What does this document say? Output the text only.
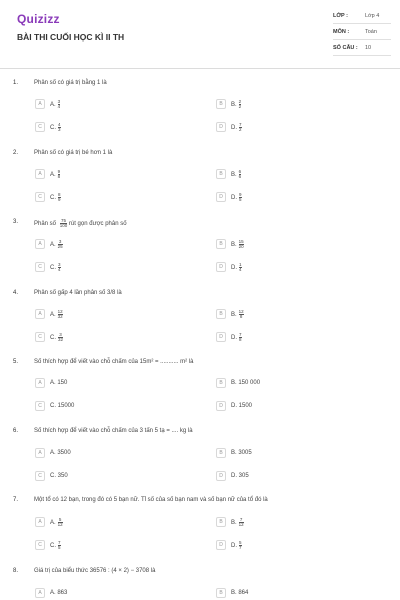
Quizizz
BÀI THI CUỐI HỌC KÌ II TH
LỚP :	Lớp 4
MÔN :	Toán
SỐ CÂU : 10
1.	Phân số có giá trị bằng 1 là
A	A. $\frac{3}{4}$	B	B. $\frac{2}{2}$
C	C. $\frac{4}{3}$	D	D. $\frac{7}{2}$
2.	Phân số có giá trị bé hơn 1 là
A	A. $\frac{9}{8}$	B	B. $\frac{6}{6}$
C	C. $\frac{8}{9}$	D	D. $\frac{9}{5}$
3.	Phân số $\frac{75}{100}$ rút gọn được phân số
A	A. $\frac{3}{25}$	B	B. $\frac{15}{20}$
C	C. $\frac{3}{4}$	D	D. $\frac{1}{4}$
4.	Phân số gấp 4 lần phân số 3/8 là
A	A. $\frac{12}{32}$	B	B. $\frac{12}{8}$
C	C. $\frac{3}{32}$	D	D. $\frac{7}{8}$
5.	Số thích hợp để viết vào chỗ chấm của 15m² = ........... m² là
A	A. 150	B	B. 150 000
C	C. 15000	D	D. 1500
6.	Số thích hợp để viết vào chỗ chấm của 3 tấn 5 tạ = .... kg là
A	A. 3500	B	B. 3005
C	C. 350	D	D. 305
7.	Một tổ có 12 bạn, trong đó có 5 bạn nữ. Tỉ số của số bạn nam và số bạn nữ của tổ đó là
A	A. $\frac{5}{12}$	B	B. $\frac{7}{12}$
C	C. $\frac{7}{5}$	D	D. $\frac{5}{7}$
8.	Giá trị của biểu thức 36576 : (4 × 2) − 3708 là
A	A. 863	B	B. 864
